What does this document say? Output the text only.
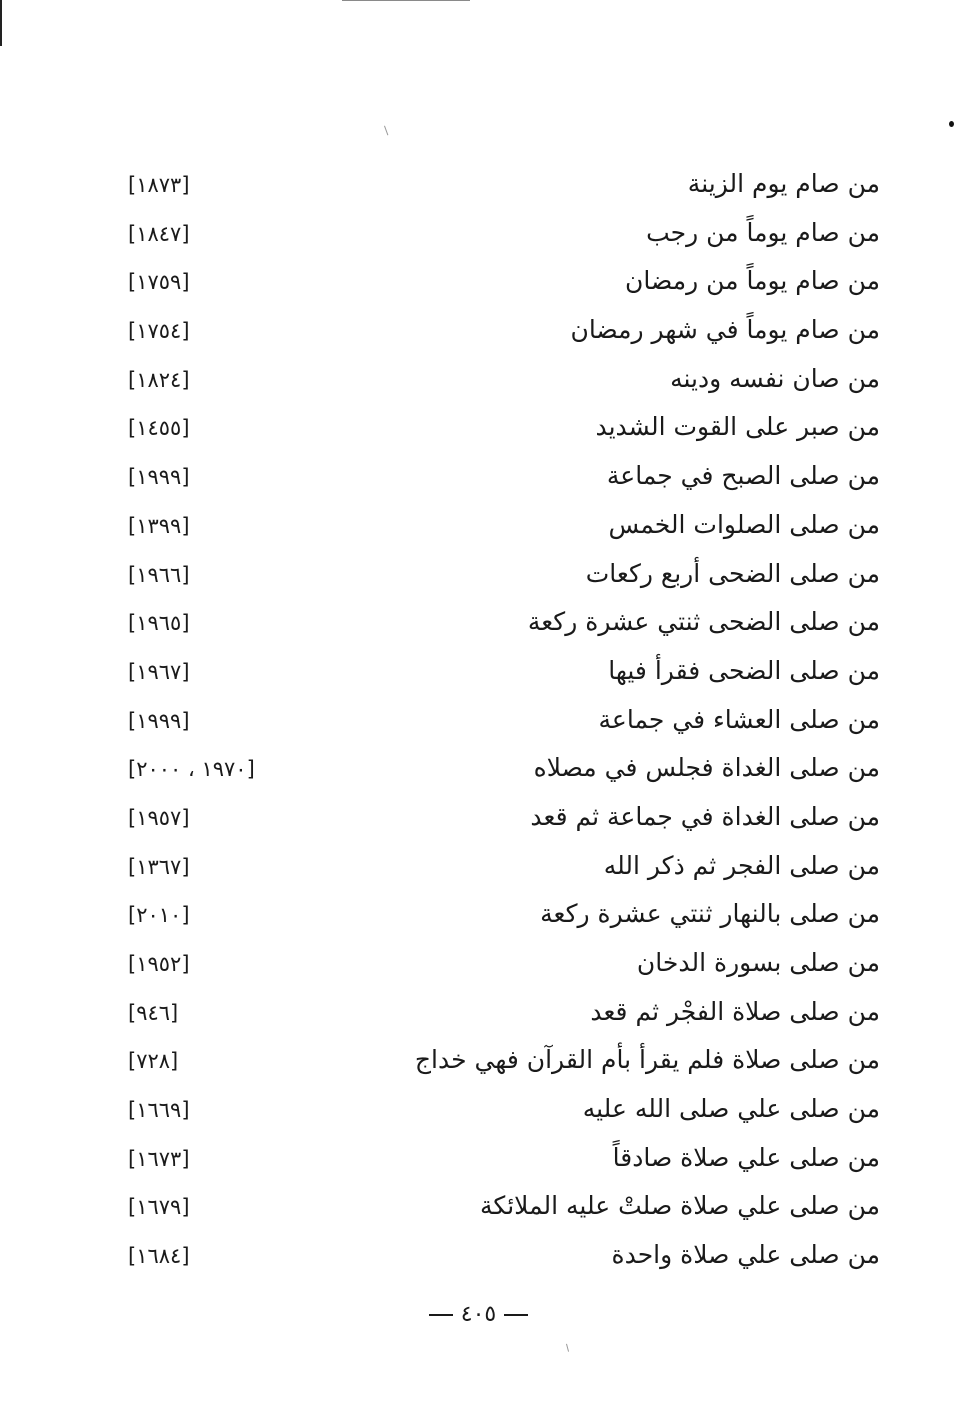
من صام يوم الزينة
[١٨٧٣]
من صام يوماً من رجب
[١٨٤٧]
من صام يوماً من رمضان
[١٧٥٩]
من صام يوماً في شهر رمضان
[١٧٥٤]
من صان نفسه ودينه
[١٨٢٤]
من صبر على القوت الشديد
[١٤٥٥]
من صلى الصبح في جماعة
[١٩٩٩]
من صلى الصلوات الخمس
[١٣٩٩]
من صلى الضحى أربع ركعات
[١٩٦٦]
من صلى الضحى ثنتي عشرة ركعة
[١٩٦٥]
من صلى الضحى فقرأ فيها
[١٩٦٧]
من صلى العشاء في جماعة
[١٩٩٩]
من صلى الغداة فجلس في مصلاه
[١٩٧٠ ، ٢٠٠٠]
من صلى الغداة في جماعة ثم قعد
[١٩٥٧]
من صلى الفجر ثم ذكر الله
[١٣٦٧]
من صلى بالنهار ثنتي عشرة ركعة
[٢٠١٠]
من صلى بسورة الدخان
[١٩٥٢]
من صلى صلاة الفجْر ثم قعد
[٩٤٦]
من صلى صلاة فلم يقرأ بأم القرآن فهي خداج
[٧٢٨]
من صلى علي صلى الله عليه
[١٦٦٩]
من صلى علي صلاة صادقاً
[١٦٧٣]
من صلى علي صلاة صلتْ عليه الملائكة
[١٦٧٩]
من صلى علي صلاة واحدة
[١٦٨٤]
٤٠٥
